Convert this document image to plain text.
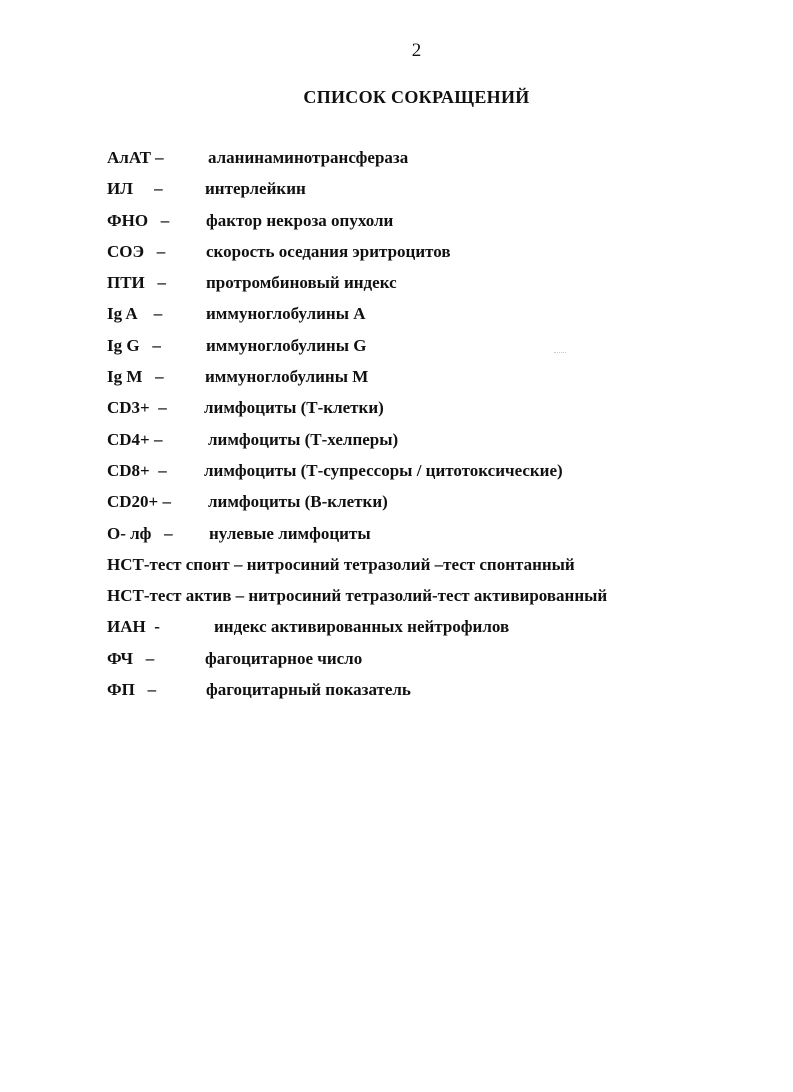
2
СПИСОК СОКРАЩЕНИЙ
АлАТ –	аланинаминотрансфераза
ИЛ     – интерлейкин
ФНО   – фактор некроза опухоли
СОЭ   – скорость оседания эритроцитов
ПТИ   – протромбиновый индекс
Ig A    –	иммуноглобулины А
Ig G   –	иммуноглобулины G
Ig M   – иммуноглобулины М
CD3+  – лимфоциты (Т-клетки)
CD4+ –	лимфоциты (Т-хелперы)
CD8+  – лимфоциты (Т-супрессоры / цитотоксические)
CD20+ – лимфоциты (В-клетки)
О- лф   – нулевые лимфоциты
НСТ-тест спонт – нитросиний тетразолий –тест спонтанный
НСТ-тест актив – нитросиний тетразолий-тест активированный
ИАН  -	индекс активированных нейтрофилов
ФЧ   –	фагоцитарное число
ФП   –	фагоцитарный показатель
